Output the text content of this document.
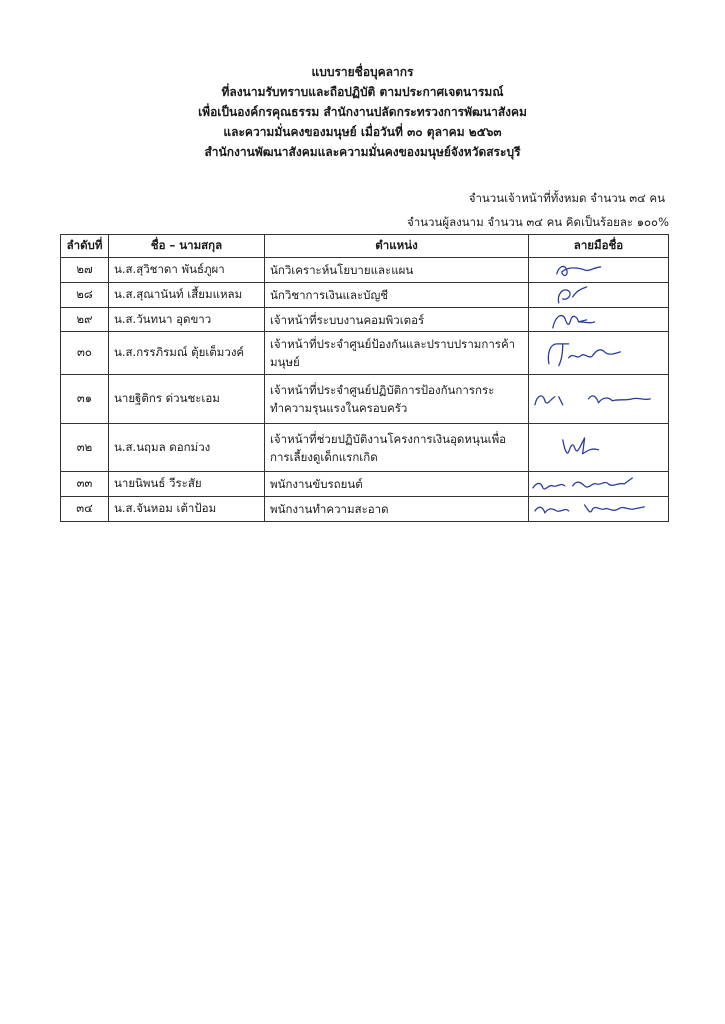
แบบรายชื่อบุคลากร
ที่ลงนามรับทราบและถือปฏิบัติ ตามประกาศเจตนารมณ์
เพื่อเป็นองค์กรคุณธรรม สำนักงานปลัดกระทรวงการพัฒนาสังคม
และความมั่นคงของมนุษย์ เมื่อวันที่ ๓๐ ตุลาคม ๒๕๖๓
สำนักงานพัฒนาสังคมและความมั่นคงของมนุษย์จังหวัดสระบุรี
จำนวนเจ้าหน้าที่ทั้งหมด จำนวน ๓๔ คน
จำนวนผู้ลงนาม จำนวน ๓๔ คน คิดเป็นร้อยละ ๑๐๐%
ลำดับที่	ชื่อ – นามสกุล	ตำแหน่ง	ลายมือชื่อ
๒๗	น.ส.สุวิชาดา พันธ์ภูผา	นักวิเคราะห์นโยบายและแผน	

๒๘	น.ส.สุณานันท์ เสี้ยมแหลม	นักวิชาการเงินและบัญชี	

๒๙	น.ส.วันทนา อุดขาว	เจ้าหน้าที่ระบบงานคอมพิวเตอร์	

๓๐	น.ส.กรรภิรมณ์ ตุ้ยเต็มวงค์	เจ้าหน้าที่ประจำศูนย์ป้องกันและปราบปรามการค้ามนุษย์	

๓๑	นายฐิติกร ด่วนชะเอม	เจ้าหน้าที่ประจำศูนย์ปฏิบัติการป้องกันการกระทำความรุนแรงในครอบครัว	

๓๒	น.ส.นฤมล ดอกม่วง	เจ้าหน้าที่ช่วยปฏิบัติงานโครงการเงินอุดหนุนเพื่อการเลี้ยงดูเด็กแรกเกิด	

๓๓	นายนิพนธ์ วีระสัย	พนักงานขับรถยนต์	

๓๔	น.ส.จันหอม เต้าป้อม	พนักงานทำความสะอาด	
